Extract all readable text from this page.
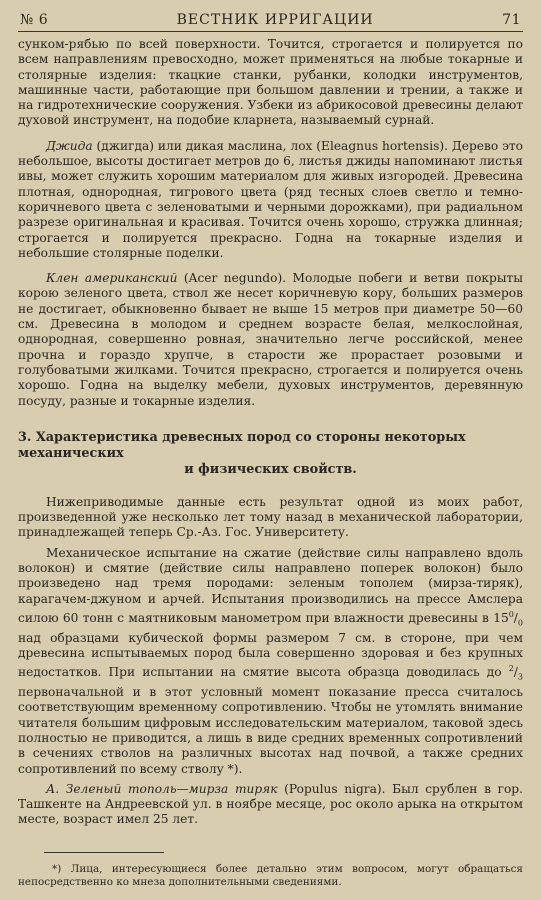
№ 6	ВЕСТНИК ИРРИГАЦИИ	71

сунком-рябью по всей поверхности. Точится, строгается и полируется по всем направлениям превосходно, может применяться на любые токарные и столярные изделия: ткацкие станки, рубанки, колодки инструментов, машинные части, работающие при большом давлении и трении, а также и на гидротехнические сооружения. Узбеки из абрикосовой древесины делают духовой инструмент, на подобие кларнета, называемый сурнай.

Джида (джигда) или дикая маслина, лох (Eleagnus hortensis). Дерево это небольшое, высоты достигает метров до 6, листья джиды напоминают листья ивы, может служить хорошим материалом для живых изгородей. Древесина плотная, однородная, тигрового цвета (ряд тесных слоев светло и темно-коричневого цвета с зеленоватыми и черными дорожками), при радиальном разрезе оригинальная и красивая. Точится очень хорошо, стружка длинная; строгается и полируется прекрасно. Годна на токарные изделия и небольшие столярные поделки.

Клен американский (Acer negundo). Молодые побеги и ветви покрыты корою зеленого цвета, ствол же несет коричневую кору, больших размеров не достигает, обыкновенно бывает не выше 15 метров при диаметре 50—60 см. Древесина в молодом и среднем возрасте белая, мелкослойная, однородная, совершенно ровная, значительно легче российской, менее прочна и гораздо хрупче, в старости же прорастает розовыми и голубоватыми жилками. Точится прекрасно, строгается и полируется очень хорошо. Годна на выделку мебели, духовых инструментов, деревянную посуду, разные и токарные изделия.

3. Характеристика древесных пород со стороны некоторых механических
и физических свойств.

Нижеприводимые данные есть результат одной из моих работ, произведенной уже несколько лет тому назад в механической лаборатории, принадлежащей теперь Ср.-Аз. Гос. Университету.

Механическое испытание на сжатие (действие силы направлено вдоль волокон) и смятие (действие силы направлено поперек волокон) было произведено над тремя породами: зеленым тополем (мирза-тиряк), карагачем-джуном и арчей. Испытания производились на прессе Амслера силою 60 тонн с маятниковым манометром при влажности древесины в $15^0/_0$ над образцами кубической формы размером 7 см. в сторонe, при чем древесина испытываемых пород была совершенно здоровая и без крупных недостатков. При испытании на смятие высота образца доводилась до $^2/_3$ первоначальной и в этот условный момент показание пресса считалось соответствующим временному сопротивлению. Чтобы не утомлять внимание читателя большим цифровым исследовательским материалом, таковой здесь полностью не приводится, а лишь в виде средних временных сопротивлений в сечениях стволов на различных высотах над почвой, а также средних сопротивлений по всему стволу *).

А. Зеленый тополь—мирза тиряк (Populus nigra). Был срублен в гор. Ташкенте на Андреевской ул. в ноябре месяце, рос около арыка на открытом месте, возраст имел 25 лет.

*) Лица, интересующиеся более детально этим вопросом, могут обращаться непосредственно ко мнеза дополнительными сведениями.
